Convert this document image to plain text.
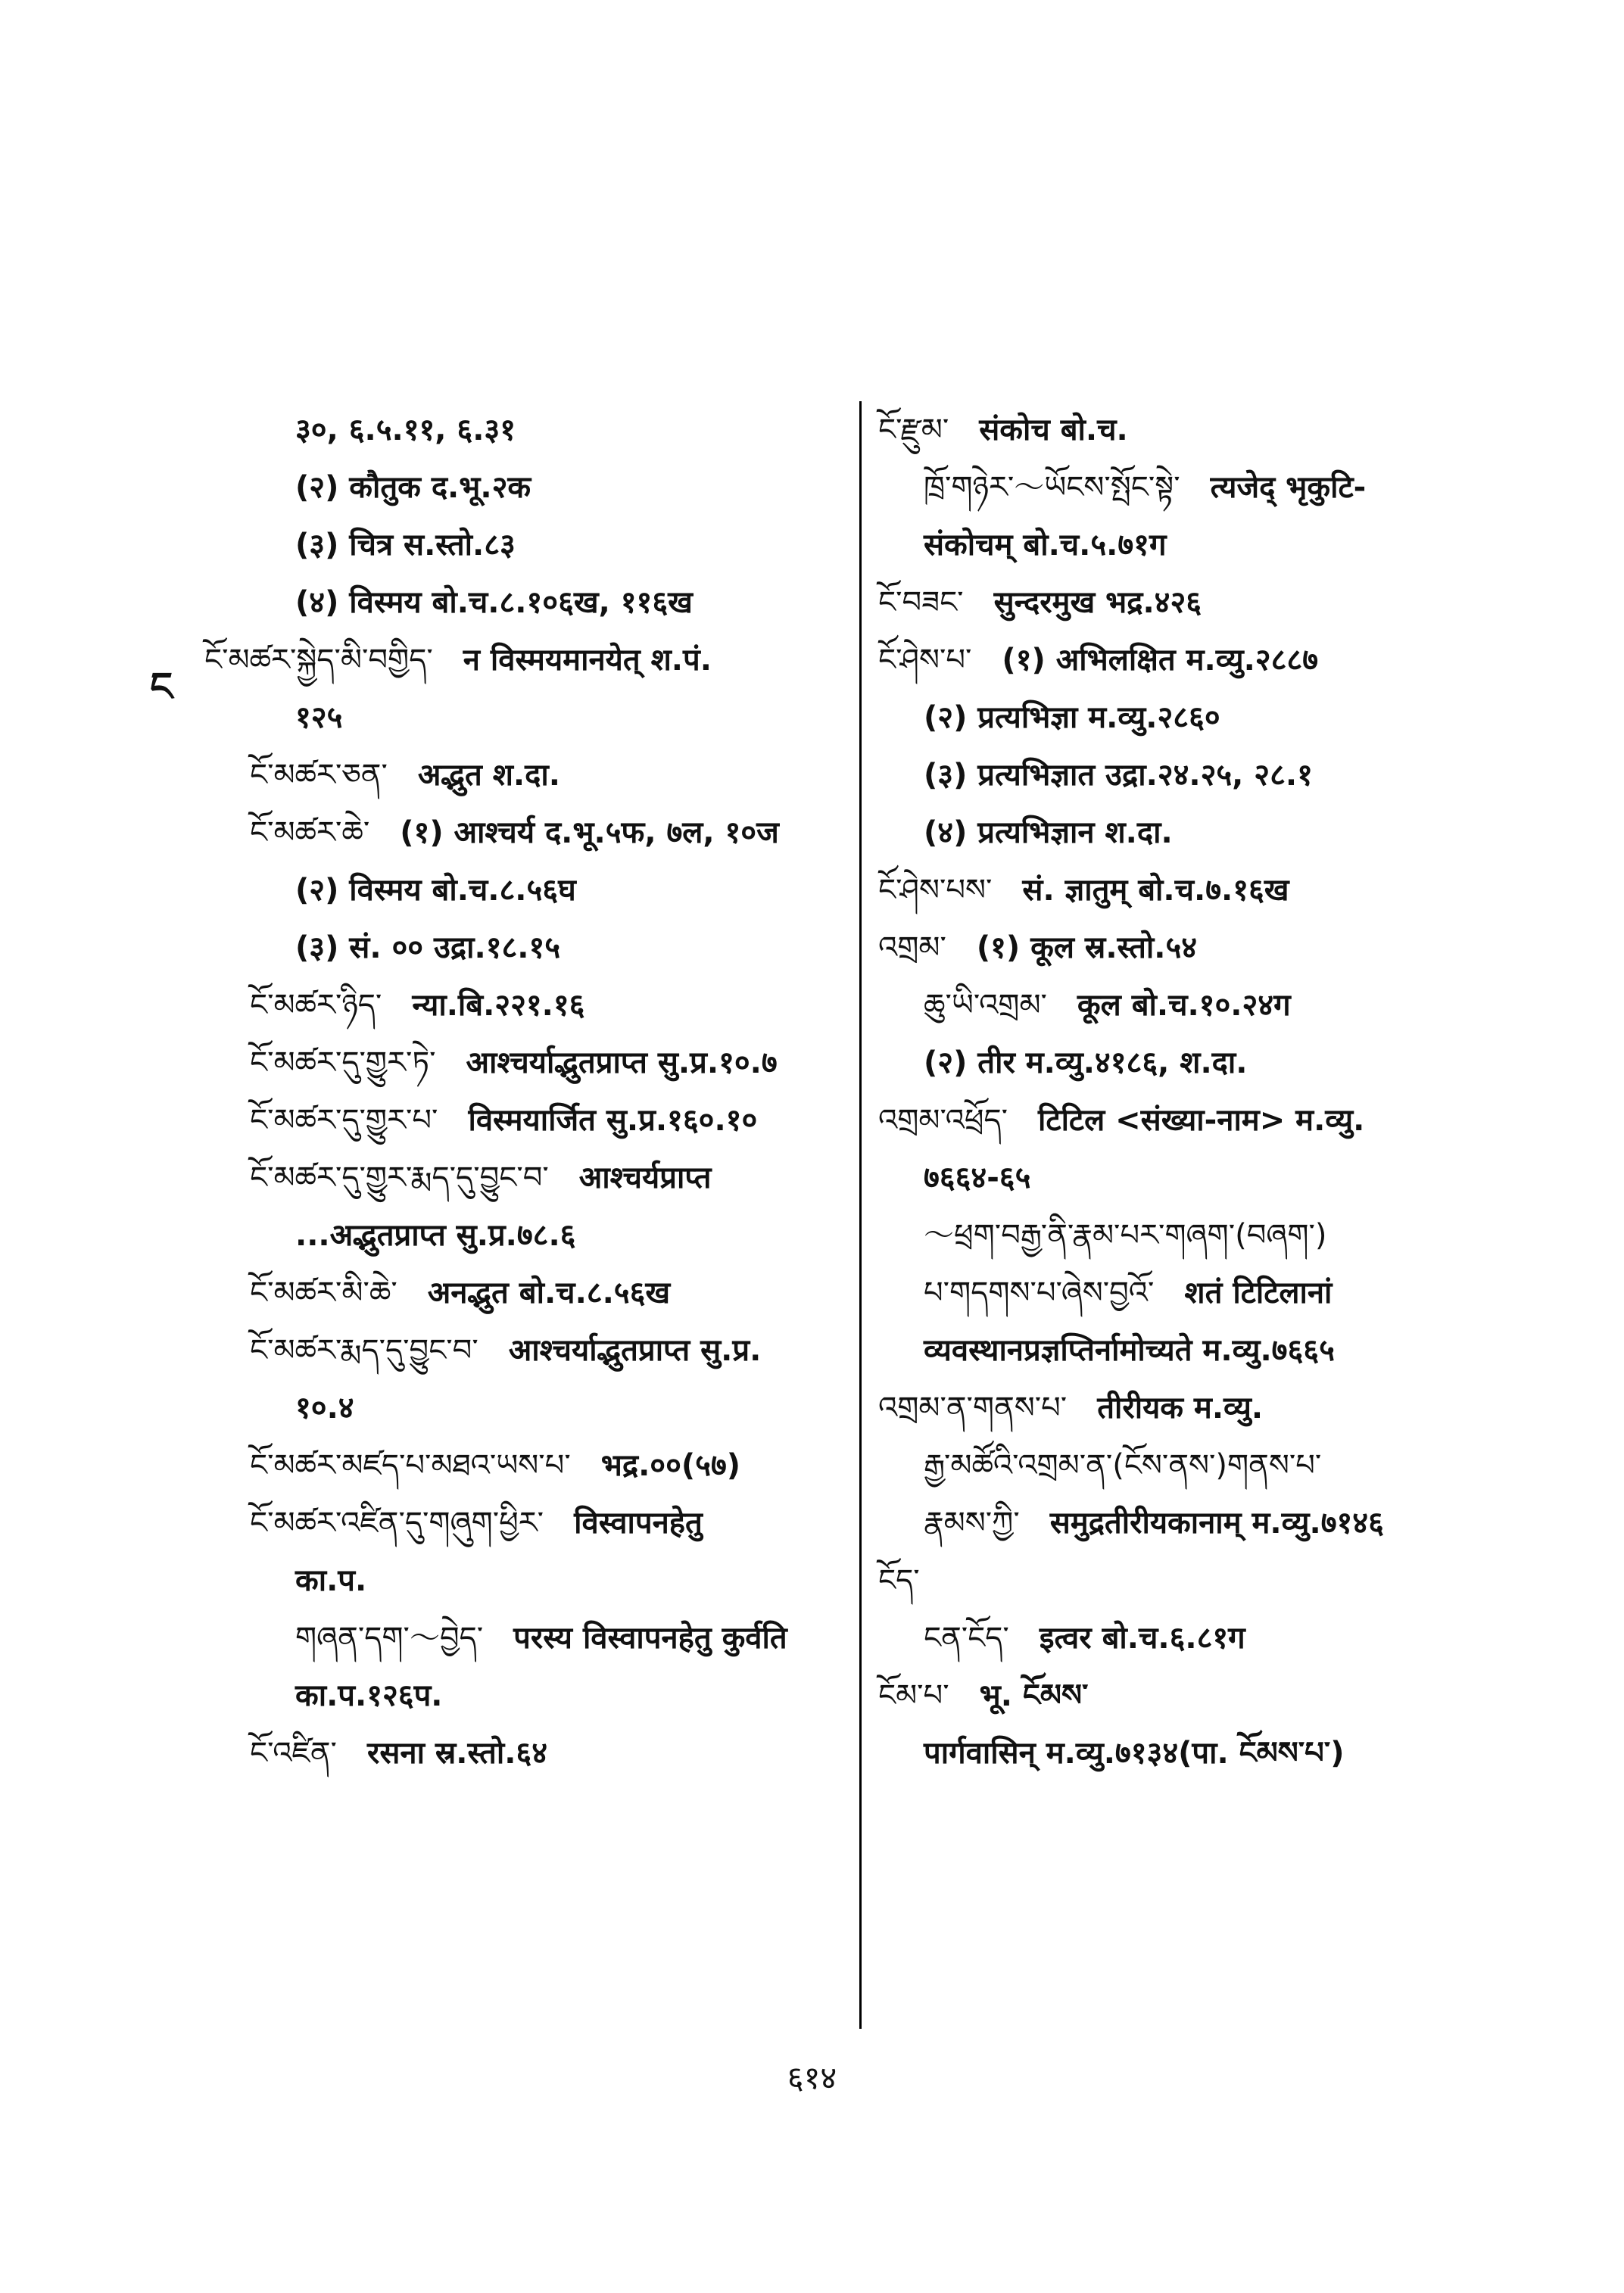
ང
३०, ६.५.११, ६.३१
(२) कौतुक द.भू.२क
(३) चित्र स.स्तो.८३
(४) विस्मय बो.च.८.१०६ख, ११६ख
ངོ་མཚར་སྐྱེད་མི་བགྱིད་ न विस्मयमानयेत् श.पं.
१२५
ངོ་མཚར་ཅན་ अद्भुत श.दा.
ངོ་མཚར་ཆེ་ (१) आश्चर्य द.भू.५फ, ७ल, १०ज
(२) विस्मय बो.च.८.५६घ
(३) सं. ०० उद्रा.१८.१५
ངོ་མཚར་ཉིད་ न्या.बि.२२१.१६
ངོ་མཚར་དུ་གྱུར་ཏེ་ आश्चर्याद्भुतप्राप्त सु.प्र.१०.७
ངོ་མཚར་དུ་གྱུར་པ་ विस्मयार्जित सु.प्र.१६०.१०
ངོ་མཚར་དུ་གྱུར་རྨད་དུ་བྱུང་བ་ आश्चर्यप्राप्त
...अद्भुतप्राप्त सु.प्र.७८.६
ངོ་མཚར་མི་ཆེ་ अनद्भुत बो.च.८.५६ख
ངོ་མཚར་རྨད་དུ་བྱུང་བ་ आश्चर्याद्भुतप्राप्त सु.प्र.
१०.४
ངོ་མཚར་མཛད་པ་མཐའ་ཡས་པ་ भद्र.००(५७)
ངོ་མཚར་འཛིན་དུ་གཞུག་ཕྱིར་ विस्वापनहेतु
का.प.
གཞན་དག་～བྱེད་ परस्य विस्वापनहेतु कुर्वति
का.प.१२६प.
ངོ་འཛིན་ रसना स्र.स्तो.६४
ངོ་རྫུམ་ संकोच बो.च.
ཁྲོ་གཉེར་～ཡོངས་སྤོང་སྟེ་ त्यजेद् भृकुटि-
संकोचम् बो.च.५.७१ग
ངོ་བཟང་ सुन्दरमुख भद्र.४२६
ངོ་ཤེས་པ་ (१) अभिलक्षित म.व्यु.२८८७
(२) प्रत्यभिज्ञा म.व्यु.२८६०
(३) प्रत्यभिज्ञात उद्रा.२४.२५, २८.१
(४) प्रत्यभिज्ञान श.दा.
ངོ་ཤེས་པས་ सं. ज्ञातुम् बो.च.७.१६ख
འགྲམ་ (१) कूल स्र.स्तो.५४
ཆུ་ཡི་འགྲམ་ कूल बो.च.१०.२४ग
(२) तीर म.व्यु.४१८६, श.दा.
འགྲམ་འཕྲོད་ टिटिल <संख्या-नाम> म.व्यु.
७६६४-६५
～ཕྲག་བརྒྱ་ནི་རྣམ་པར་གཞག་(བཞག་)
པ་གདགས་པ་ཞེས་བྱའོ་ शतं टिटिलानां
व्यवस्थानप्रज्ञप्तिर्नामोच्यते म.व्यु.७६६५
འགྲམ་ན་གནས་པ་ तीरीयक म.व्यु.
རྒྱ་མཚོའི་འགྲམ་ན་(ངོས་ནས་)གནས་པ་
རྣམས་ཀྱི་ समुद्रतीरीयकानाम् म.व्यु.७१४६
ངོད་
ངན་ངོད་ इत्वर बो.च.६.८१ग
ངོམ་པ་ भू. ངོམས་
पार्गवासिन् म.व्यु.७१३४(पा. ངོམས་པ་)
६१४
